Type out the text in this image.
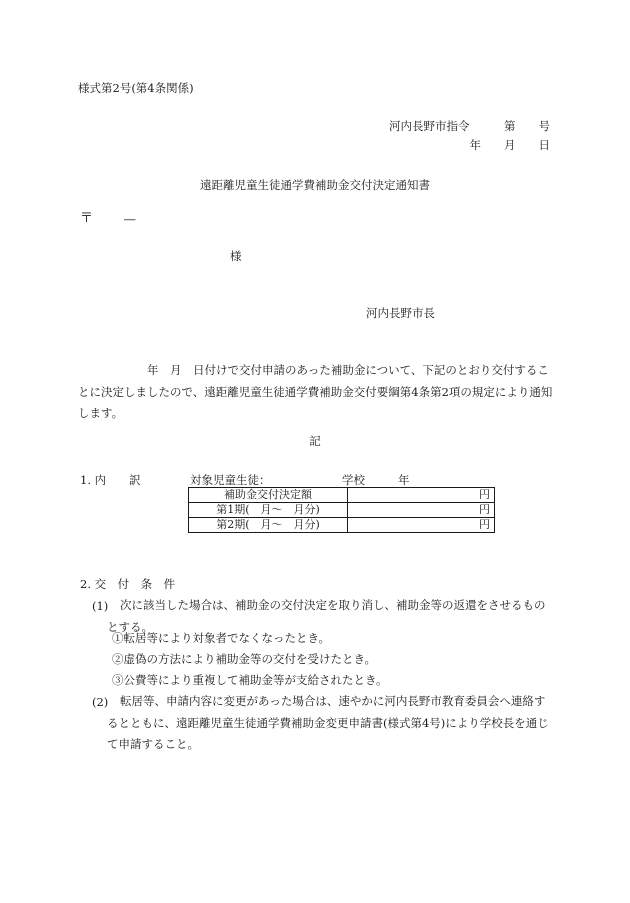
様式第2号(第4条関係)
河内長野市指令　　　第　　号
年　　月　　日
遠距離児童生徒通学費補助金交付決定通知書
〒	―
様
河内長野市長
　　　　　　年　月　日付けで交付申請のあった補助金について、下記のとおり交付することに決定しましたので、遠距離児童生徒通学費補助金交付要綱第4条第2項の規定により通知します。
記
1. 内　　訳	対象児童生徒：	学校	年
補助金交付決定額	円
第1期(　月～　月分)	円
第2期(　月～　月分)	円
2. 交　付　条　件
(1)	次に該当した場合は、補助金の交付決定を取り消し、補助金等の返還をさせるものとする。
①転居等により対象者でなくなったとき。
②虚偽の方法により補助金等の交付を受けたとき。
③公費等により重複して補助金等が支給されたとき。
(2)	転居等、申請内容に変更があった場合は、速やかに河内長野市教育委員会へ連絡するとともに、遠距離児童生徒通学費補助金変更申請書(様式第4号)により学校長を通じて申請すること。
